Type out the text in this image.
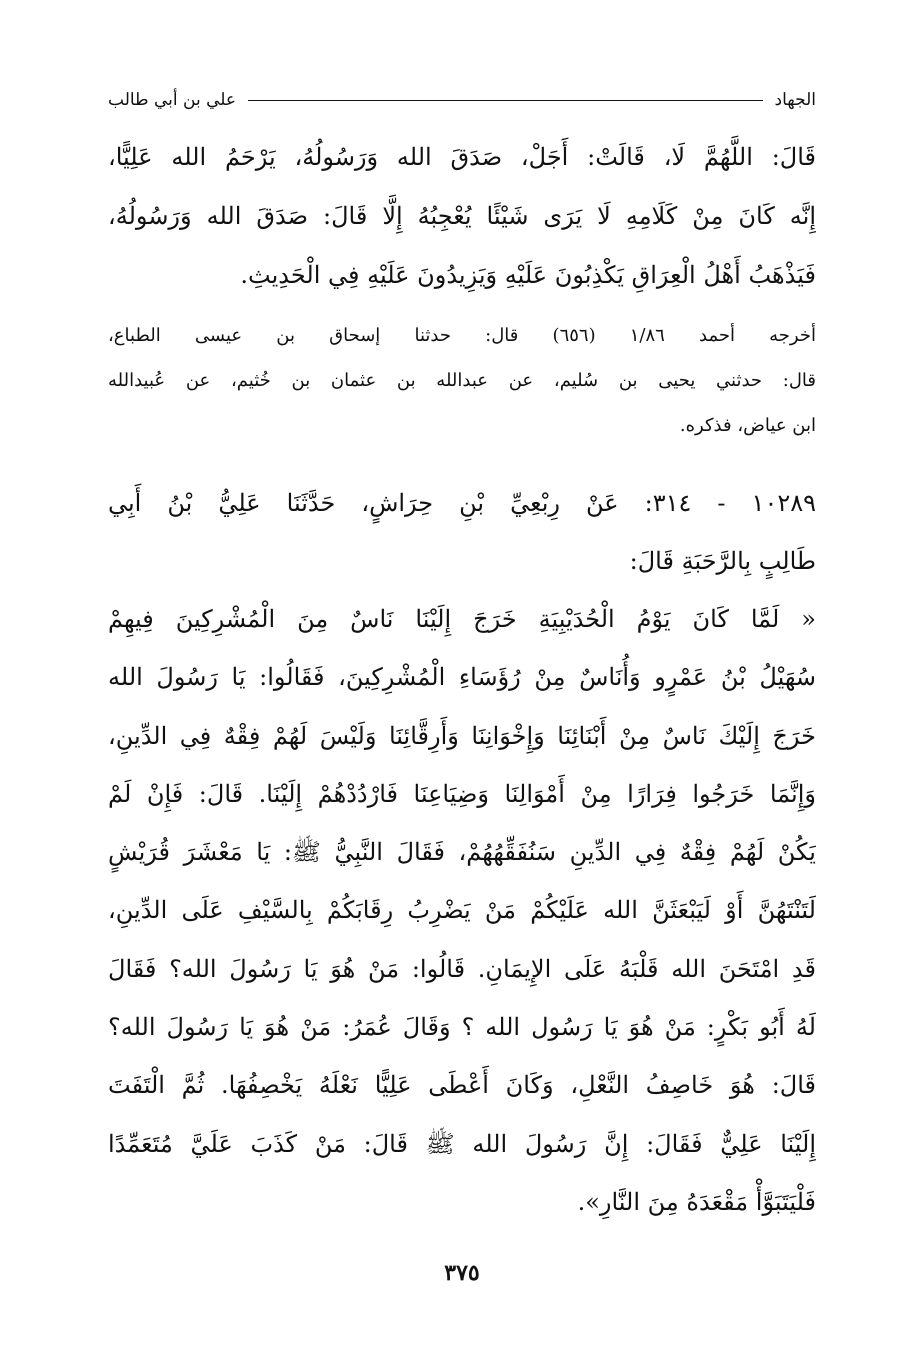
الجهاد
علي بن أبي طالب
قَالَ: اللَّهُمَّ لَا، قَالَتْ: أَجَلْ، صَدَقَ الله وَرَسُولُهُ، يَرْحَمُ الله عَلِيًّا،
إِنَّه كَانَ مِنْ كَلَامِهِ لَا يَرَى شَيْئًا يُعْجِبُهُ إِلَّا قَالَ: صَدَقَ الله وَرَسُولُهُ،
فَيَذْهَبُ أَهْلُ الْعِرَاقِ يَكْذِبُونَ عَلَيْهِ وَيَزِيدُونَ عَلَيْهِ فِي الْحَدِيثِ.
أخرجه أحمد ١/٨٦ (٦٥٦) قال: حدثنا إسحاق بن عيسى الطباع،
قال: حدثني يحيى بن سُليم، عن عبدالله بن عثمان بن خُثيم، عن عُبيدالله
ابن عياض، فذكره.
١٠٢٨٩ - ٣١٤: عَنْ رِبْعِيِّ بْنِ حِرَاشٍ، حَدَّثَنَا عَلِيُّ بْنُ أَبِي
طَالِبٍ بِالرَّحَبَةِ قَالَ:
« لَمَّا كَانَ يَوْمُ الْحُدَيْبِيَةِ خَرَجَ إِلَيْنَا نَاسٌ مِنَ الْمُشْرِكِينَ فِيهِمْ
سُهَيْلُ بْنُ عَمْرٍو وَأُنَاسٌ مِنْ رُؤَسَاءِ الْمُشْرِكِينَ، فَقَالُوا: يَا رَسُولَ الله
خَرَجَ إِلَيْكَ نَاسٌ مِنْ أَبْنَائِنَا وَإِخْوَانِنَا وَأَرِقَّائِنَا وَلَيْسَ لَهُمْ فِقْهٌ فِي الدِّينِ،
وَإِنَّمَا خَرَجُوا فِرَارًا مِنْ أَمْوَالِنَا وَضِيَاعِنَا فَارْدُدْهُمْ إِلَيْنَا. قَالَ: فَإِنْ لَمْ
يَكُنْ لَهُمْ فِقْهٌ فِي الدِّينِ سَنُفَقِّهُهُمْ، فَقَالَ النَّبِيُّ ﷺ: يَا مَعْشَرَ قُرَيْشٍ
لَتَنْتَهُنَّ أَوْ لَيَبْعَثَنَّ الله عَلَيْكُمْ مَنْ يَضْرِبُ رِقَابَكُمْ بِالسَّيْفِ عَلَى الدِّينِ،
قَدِ امْتَحَنَ الله قَلْبَهُ عَلَى الإِيمَانِ. قَالُوا: مَنْ هُوَ يَا رَسُولَ الله؟ فَقَالَ
لَهُ أَبُو بَكْرٍ: مَنْ هُوَ يَا رَسُول الله ؟ وَقَالَ عُمَرُ: مَنْ هُوَ يَا رَسُولَ الله؟
قَالَ: هُوَ خَاصِفُ النَّعْلِ، وَكَانَ أَعْطَى عَلِيًّا نَعْلَهُ يَخْصِفُهَا. ثُمَّ الْتَفَتَ
إِلَيْنَا عَلِيٌّ فَقَالَ: إِنَّ رَسُولَ الله ﷺ قَالَ: مَنْ كَذَبَ عَلَيَّ مُتَعَمِّدًا
فَلْيَتَبَوَّأْ مَقْعَدَهُ مِنَ النَّارِ».
٣٧٥
